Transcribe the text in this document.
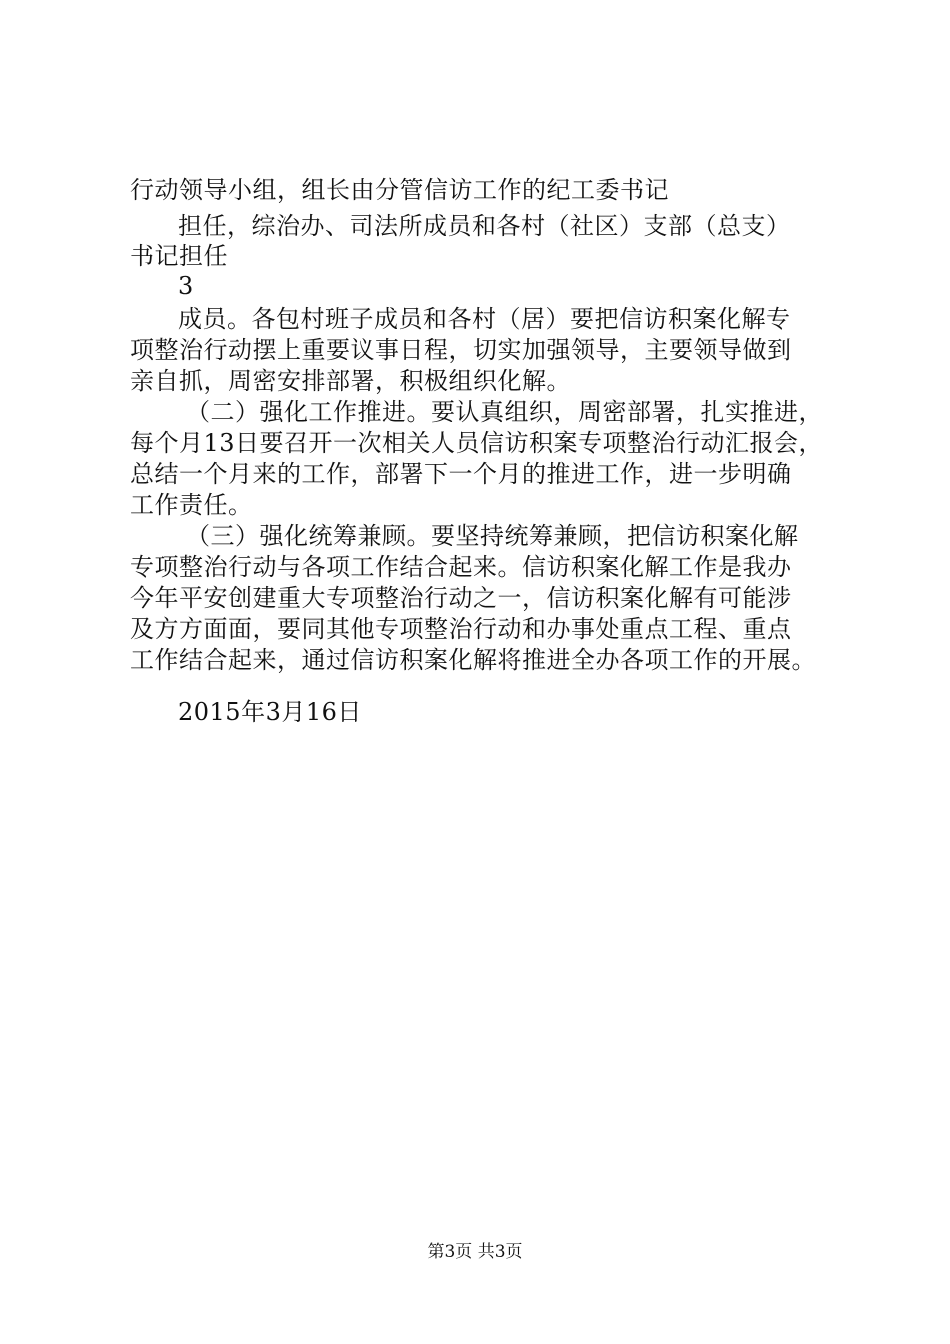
行动领导小组，组长由分管信访工作的纪工委书记
担任，综治办、司法所成员和各村（社区）支部（总支）
书记担任
3
成员。各包村班子成员和各村（居）要把信访积案化解专
项整治行动摆上重要议事日程，切实加强领导，主要领导做到
亲自抓，周密安排部署，积极组织化解。
（二）强化工作推进。要认真组织，周密部署，扎实推进，
每个月13日要召开一次相关人员信访积案专项整治行动汇报会，
总结一个月来的工作，部署下一个月的推进工作，进一步明确
工作责任。
（三）强化统筹兼顾。要坚持统筹兼顾，把信访积案化解
专项整治行动与各项工作结合起来。信访积案化解工作是我办
今年平安创建重大专项整治行动之一，信访积案化解有可能涉
及方方面面，要同其他专项整治行动和办事处重点工程、重点
工作结合起来，通过信访积案化解将推进全办各项工作的开展。
2015年3月16日
第3页 共3页
